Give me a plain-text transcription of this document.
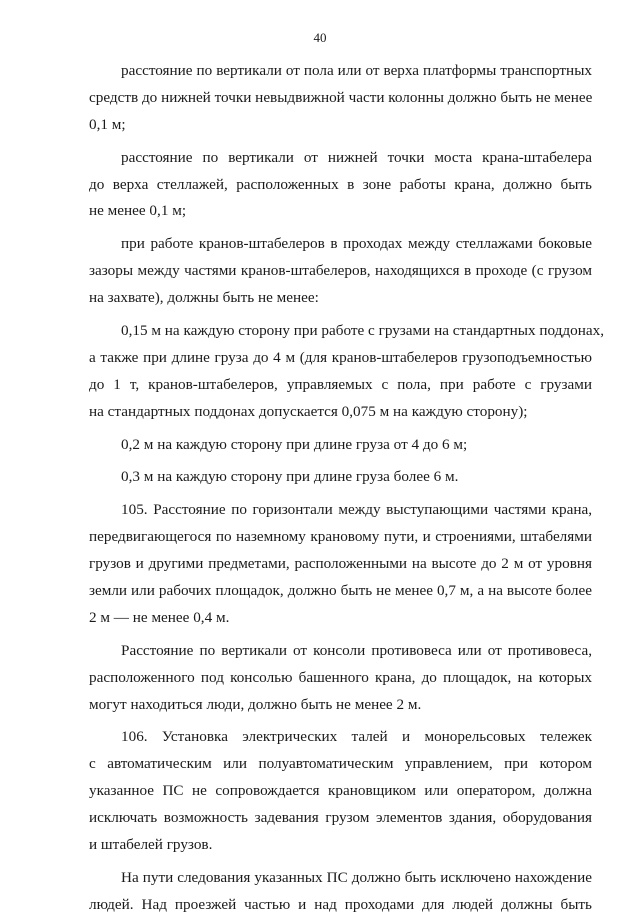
40
расстояние по вертикали от пола или от верха платформы транспортных
средств до нижней точки невыдвижной части колонны должно быть не менее
0,1 м;
расстояние по вертикали от нижней точки моста крана-штабелера
до верха стеллажей, расположенных в зоне работы крана, должно быть
не менее 0,1 м;
при работе кранов-штабелеров в проходах между стеллажами боковые
зазоры между частями кранов-штабелеров, находящихся в проходе (с грузом
на захвате), должны быть не менее:
0,15 м на каждую сторону при работе с грузами на стандартных поддонах,
а также при длине груза до 4 м (для кранов-штабелеров грузоподъемностью
до 1 т, кранов-штабелеров, управляемых с пола, при работе с грузами
на стандартных поддонах допускается 0,075 м на каждую сторону);
0,2 м на каждую сторону при длине груза от 4 до 6 м;
0,3 м на каждую сторону при длине груза более 6 м.
105. Расстояние по горизонтали между выступающими частями крана,
передвигающегося по наземному крановому пути, и строениями, штабелями
грузов и другими предметами, расположенными на высоте до 2 м от уровня
земли или рабочих площадок, должно быть не менее 0,7 м, а на высоте более
2 м — не менее 0,4 м.
Расстояние по вертикали от консоли противовеса или от противовеса,
расположенного под консолью башенного крана, до площадок, на которых
могут находиться люди, должно быть не менее 2 м.
106. Установка электрических талей и монорельсовых тележек
с автоматическим или полуавтоматическим управлением, при котором
указанное ПС не сопровождается крановщиком или оператором, должна
исключать возможность задевания грузом элементов здания, оборудования
и штабелей грузов.
На пути следования указанных ПС должно быть исключено нахождение
людей. Над проезжей частью и над проходами для людей должны быть
